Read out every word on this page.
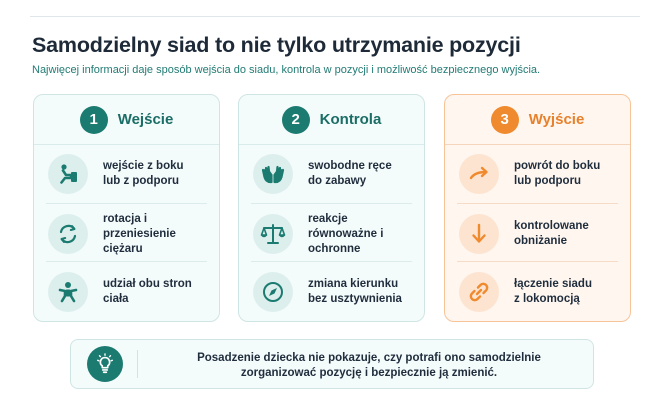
Samodzielny siad to nie tylko utrzymanie pozycji
Najwięcej informacji daje sposób wejścia do siadu, kontrola w pozycji i możliwość bezpiecznego wyjścia.
1	Wejście
wejście z boku
lub z podporu
rotacja i
przeniesienie
ciężaru
udział obu stron
ciała
2	Kontrola
swobodne ręce
do zabawy
reakcje
równoważne i
ochronne
zmiana kierunku
bez usztywnienia
3	Wyjście
powrót do boku
lub podporu
kontrolowane
obniżanie
łączenie siadu
z lokomocją
Posadzenie dziecka nie pokazuje, czy potrafi ono samodzielnie
zorganizować pozycję i bezpiecznie ją zmienić.
